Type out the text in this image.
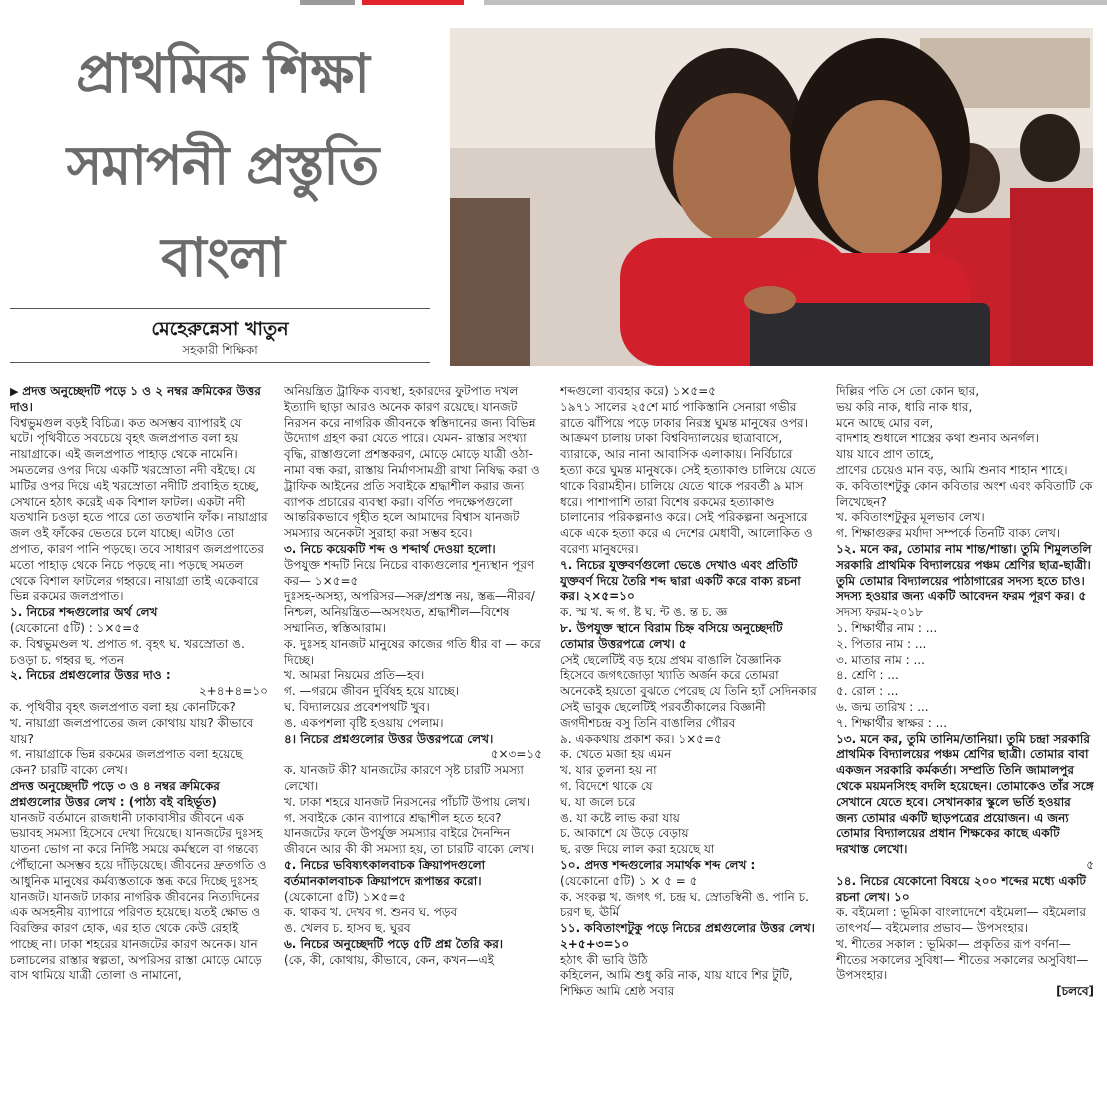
প্রাথমিক শিক্ষা
সমাপনী প্রস্তুতি
বাংলা
মেহেরুন্নেসা খাতুন
সহকারী শিক্ষিকা

▶ প্রদত্ত অনুচ্ছেদটি পড়ে ১ ও ২ নম্বর ক্রমিকের উত্তর দাও।

বিশ্বভুমগুল বড়ই বিচিত্র। কত অসম্ভব ব্যাপারই যে ঘটে। পৃথিবীতে সবচেয়ে বৃহৎ জলপ্রপাত বলা হয় নায়াগ্রাকে। এই জলপ্রপাত পাহাড় থেকে নামেনি। সমতলের ওপর দিয়ে একটি খরস্রোতা নদী বইছে। যে মাটির ওপর দিয়ে এই খরস্রোতা নদীটি প্রবাহিত হচ্ছে, সেখানে হঠাৎ করেই এক বিশাল ফাটল। একটা নদী যতখানি চওড়া হতে পারে তো ততখানি ফাঁক। নায়াগ্রার জল ওই ফাঁকের ভেতরে চলে যাচ্ছে। এটাও তো প্রপাত, কারণ পানি পড়ছে। তবে সাধারণ জলপ্রপাতের মতো পাহাড় থেকে নিচে পড়ছে না। পড়ছে সমতল থেকে বিশাল ফাটলের গহ্বরে। নায়াগ্রা তাই একেবারে ভিন্ন রকমের জলপ্রপাত।

১. নিচের শব্দগুলোর অর্থ লেখ

(যেকোনো ৫টি) : ১×৫=৫

ক. বিশ্বভুমণ্ডল খ. প্রপাত গ. বৃহৎ ঘ. খরস্রোতা ঙ. চওড়া চ. গহ্বর ছ. পতন

২. নিচের প্রশ্নগুলোর উত্তর দাও :

২+৪+৪=১০

ক. পৃথিবীর বৃহৎ জলপ্রপাত বলা হয় কোনটিকে?

খ. নায়াগ্রা জলপ্রপাতের জল কোথায় যায়? কীভাবে যায়?

গ. নায়াগ্রাকে ভিন্ন রকমের জলপ্রপাত বলা হয়েছে কেন? চারটি বাক্যে লেখ।

প্রদত্ত অনুচ্ছেদটি পড়ে ৩ ও ৪ নম্বর ক্রমিকের প্রশ্নগুলোর উত্তর লেখ : (পাঠ্য বই বহির্ভূত)

যানজট বর্তমানে রাজধানী ঢাকাবাসীর জীবনে এক ভয়াবহ সমস্যা হিসেবে দেখা দিয়েছে। যানজটের দুঃসহ যাতনা ভোগ না করে নির্দিষ্ট সময়ে কর্মস্থলে বা গন্তব্যে পৌঁছানো অসম্ভব হয়ে দাঁড়িয়েছে। জীবনের দ্রুতগতি ও আধুনিক মানুষের কর্মব্যস্ততাকে স্তব্ধ করে দিচ্ছে দুঃসহ যানজট। যানজট ঢাকার নাগরিক জীবনের নিত্যদিনের এক অসহনীয় ব্যাপারে পরিণত হয়েছে। যতই ক্ষোভ ও বিরক্তির কারণ হোক, এর হাত থেকে কেউ রেহাই পাচ্ছে না। ঢাকা শহরের যানজটের কারণ অনেক। যান চলাচলের রাস্তার স্বল্পতা, অপরিসর রাস্তা মোড়ে মোড়ে বাস থামিয়ে যাত্রী তোলা ও নামানো,

অনিয়ন্ত্রিত ট্রাফিক ব্যবস্থা, হকারদের ফুটপাত দখল ইত্যাদি ছাড়া আরও অনেক কারণ রয়েছে। যানজট নিরসন করে নাগরিক জীবনকে স্বস্তিদানের জন্য বিভিন্ন উদ্যোগ গ্রহণ করা যেতে পারে। যেমন- রাস্তার সংখ্যা বৃদ্ধি, রাস্তাগুলো প্রশস্তকরণ, মোড়ে মোড়ে যাত্রী ওঠা-নামা বন্ধ করা, রাস্তায় নির্মাণসামগ্রী রাখা নিষিদ্ধ করা ও ট্রাফিক আইনের প্রতি সবাইকে শ্রদ্ধাশীল করার জন্য ব্যাপক প্রচারের ব্যবস্থা করা। বর্ণিত পদক্ষেপগুলো আন্তরিকভাবে গৃহীত হলে আমাদের বিশ্বাস যানজট সমস্যার অনেকটা সুরাহা করা সম্ভব হবে।

৩. নিচে কয়েকটি শব্দ ও শব্দার্থ দেওয়া হলো।

উপযুক্ত শব্দটি নিয়ে নিচের বাক্যগুলোর শূন্যস্থান পূরণ কর— ১×৫=৫

দুঃসহ-অসহ্য, অপরিসর—সরু/প্রশস্ত নয়, স্তব্ধ—নীরব/নিশ্চল, অনিয়ন্ত্রিত—অসংযত, শ্রদ্ধাশীল—বিশেষ সম্মানিত, স্বস্তিআরাম।

ক. দুঃসহ যানজট মানুষের কাজের গতি ধীর বা — করে দিচ্ছে।

খ. আমরা নিয়মের প্রতি—হব।

গ. —গরমে জীবন দুর্বিষহ হয়ে যাচ্ছে।

ঘ. বিদ্যালয়ের প্রবেশপথটি খুব।

ঙ. একপশলা বৃষ্টি হওয়ায় পেলাম।

৪। নিচের প্রশ্নগুলোর উত্তর উত্তরপত্রে লেখ।

৫×৩=১৫

ক. যানজট কী? যানজটের কারণে সৃষ্ট চারটি সমস্যা লেখো।

খ. ঢাকা শহরে যানজট নিরসনের পাঁচটি উপায় লেখ।

গ. সবাইকে কোন ব্যাপারে শ্রদ্ধাশীল হতে হবে? যানজটের ফলে উপর্যুক্ত সমস্যার বাইরে দৈনন্দিন জীবনে আর কী কী সমস্যা হয়, তা চারটি বাক্যে লেখ।

৫. নিচের ভবিষ্যৎকালবাচক ক্রিয়াপদগুলো বর্তমানকালবাচক ক্রিয়াপদে রূপান্তর করো।

(যেকোনো ৫টি) ১×৫=৫

ক. থাকব খ. দেখব গ. শুনব ঘ. পড়ব

ঙ. খেলব চ. হাসব ছ. ঘুরব

৬. নিচের অনুচ্ছেদটি পড়ে ৫টি প্রশ্ন তৈরি কর।

(কে, কী, কোথায়, কীভাবে, কেন, কখন—এই

শব্দগুলো ব্যবহার করে) ১×৫=৫

১৯৭১ সালের ২৫শে মার্চ পাকিস্তানি সেনারা গভীর রাতে ঝাঁপিয়ে পড়ে ঢাকার নিরস্ত্র ঘুমন্ত মানুষের ওপর। আক্রমণ চালায় ঢাকা বিশ্ববিদ্যালয়ের ছাত্রাবাসে, ব্যারাকে, আর নানা আবাসিক এলাকায়। নির্বিচারে হত্যা করে ঘুমন্ত মানুষকে। সেই হত্যাকাণ্ড চালিয়ে যেতে থাকে বিরামহীন। চালিয়ে যেতে থাকে পরবর্তী ৯ মাস ধরে। পাশাপাশি তারা বিশেষ রকমের হত্যাকাণ্ড চালানোর পরিকল্পনাও করে। সেই পরিকল্পনা অনুসারে একে একে হত্যা করে এ দেশের মেধাবী, আলোকিত ও বরেণ্য মানুষদের।

৭. নিচের যুক্তবর্ণগুলো ভেঙে দেখাও এবং প্রতিটি যুক্তবর্ণ দিয়ে তৈরি শব্দ দ্বারা একটি করে বাক্য রচনা কর। ২×৫=১০

ক. স্ম খ. ব্দ গ. ষ্ট ঘ. ন্ট ঙ. ন্ত চ. জ্ঞ

৮. উপযুক্ত স্থানে বিরাম চিহ্ন বসিয়ে অনুচ্ছেদটি তোমার উত্তরপত্রে লেখ। ৫

সেই ছেলেটিই বড় হয়ে প্রথম বাঙালি বৈজ্ঞানিক হিসেবে জগৎজোড়া খ্যাতি অর্জন করে তোমরা অনেকেই হয়তো বুঝতে পেরেছ যে তিনি হ্যাঁ সেদিনকার সেই ভাবুক ছেলেটিই পরবর্তীকালের বিজ্ঞানী জগদীশচন্দ্র বসু তিনি বাঙালির গৌরব

৯. এককথায় প্রকাশ কর। ১×৫=৫

ক. খেতে মজা হয় এমন

খ. যার তুলনা হয় না

গ. বিদেশে থাকে যে

ঘ. যা জলে চরে

ঙ. যা কষ্টে লাভ করা যায়

চ. আকাশে যে উড়ে বেড়ায়

ছ. রক্ত দিয়ে লাল করা হয়েছে যা

১০. প্রদত্ত শব্দগুলোর সমার্থক শব্দ লেখ :

(যেকোনো ৫টি) ১ × ৫ = ৫

ক. সংকল্প খ. জগৎ গ. চন্দ্র ঘ. স্রোতস্বিনী ঙ. পানি চ. চরণ ছ. ঊর্মি

১১. কবিতাংশটুকু পড়ে নিচের প্রশ্নগুলোর উত্তর লেখ। ২+৫+৩=১০

হঠাৎ কী ভাবি উঠি

কহিলেন, আমি শুধু করি নাক, যায় যাবে শির টুটি,

শিক্ষিত আমি শ্রেষ্ঠ সবার

দিল্লির পতি সে তো কোন ছার,

ভয় করি নাক, ধারি নাক ধার,

মনে আছে মোর বল,

বাদশাহ শুধালে শাস্ত্রের কথা শুনাব অনর্গল।

যায় যাবে প্রাণ তাহে,

প্রাণের চেয়েও মান বড়, আমি শুনাব শাহান শাহে।

ক. কবিতাংশটুকু কোন কবিতার অংশ এবং কবিতাটি কে লিখেছেন?

খ. কবিতাংশটুকুর মূলভাব লেখ।

গ. শিক্ষাগুরুর মর্যাদা সম্পর্কে তিনটি বাক্য লেখ।

১২. মনে কর, তোমার নাম শান্ত/শান্তা। তুমি শিমুলতলি সরকারি প্রাথমিক বিদ্যালয়ের পঞ্চম শ্রেণির ছাত্র-ছাত্রী। তুমি তোমার বিদ্যালয়ের পাঠাগারের সদস্য হতে চাও। সদস্য হওয়ার জন্য একটি আবেদন ফরম পূরণ কর। ৫

সদস্য ফরম-২০১৮

১. শিক্ষার্থীর নাম : ...

২. পিতার নাম : ...

৩. মাতার নাম : ...

৪. শ্রেণি : ...

৫. রোল : ...

৬. জন্ম তারিখ : ...

৭. শিক্ষার্থীর স্বাক্ষর : ...

১৩. মনে কর, তুমি তানিম/তানিয়া। তুমি চন্দ্রা সরকারি প্রাথমিক বিদ্যালয়ের পঞ্চম শ্রেণির ছাত্রী। তোমার বাবা একজন সরকারি কর্মকর্তা। সম্প্রতি তিনি জামালপুর থেকে ময়মনসিংহ বদলি হয়েছেন। তোমাকেও তাঁর সঙ্গে সেখানে যেতে হবে। সেখানকার স্কুলে ভর্তি হওয়ার জন্য তোমার একটি ছাড়পত্রের প্রয়োজন। এ জন্য তোমার বিদ্যালয়ের প্রধান শিক্ষকের কাছে একটি দরখাস্ত লেখো।

৫

১৪. নিচের যেকোনো বিষয়ে ২০০ শব্দের মধ্যে একটি রচনা লেখ। ১০

ক. বইমেলা : ভূমিকা বাংলাদেশে বইমেলা— বইমেলার তাৎপর্য— বইমেলার প্রভাব— উপসংহার।

খ. শীতের সকাল : ভূমিকা— প্রকৃতির রূপ বর্ণনা— শীতের সকালের সুবিধা— শীতের সকালের অসুবিধা— উপসংহার।

[চলবে]
